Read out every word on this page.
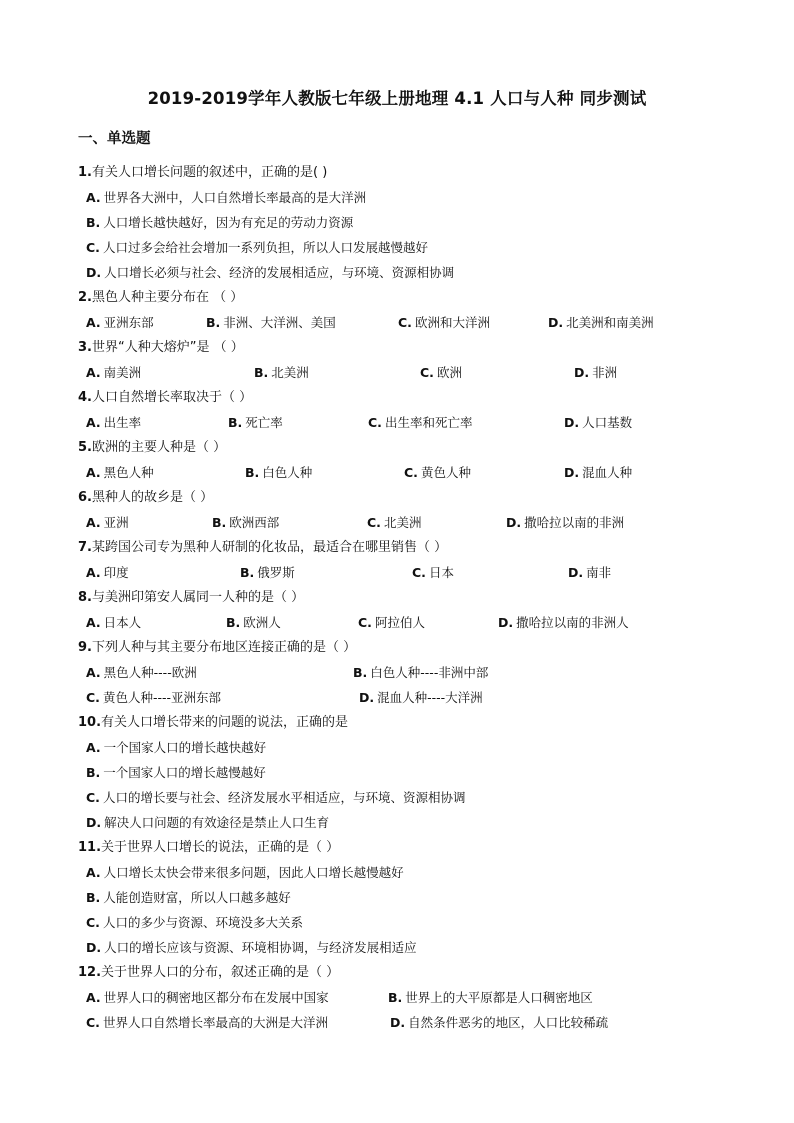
2019-2019学年人教版七年级上册地理 4.1 人口与人种 同步测试
一、单选题
1.有关人口增长问题的叙述中，正确的是( )
A. 世界各大洲中，人口自然增长率最高的是大洋洲
B. 人口增长越快越好，因为有充足的劳动力资源
C. 人口过多会给社会增加一系列负担，所以人口发展越慢越好
D. 人口增长必须与社会、经济的发展相适应，与环境、资源相协调
2.黑色人种主要分布在 （ ）
A. 亚洲东部	B. 非洲、大洋洲、美国	C. 欧洲和大洋洲	D. 北美洲和南美洲
3.世界“人种大熔炉”是 （ ）
A. 南美洲	B. 北美洲	C. 欧洲	D. 非洲
4.人口自然增长率取决于（ ）
A. 出生率	B. 死亡率	C. 出生率和死亡率	D. 人口基数
5.欧洲的主要人种是（ ）
A. 黑色人种	B. 白色人种	C. 黄色人种	D. 混血人种
6.黑种人的故乡是（ ）
A. 亚洲	B. 欧洲西部	C. 北美洲	D. 撒哈拉以南的非洲
7.某跨国公司专为黑种人研制的化妆品，最适合在哪里销售（ ）
A. 印度	B. 俄罗斯	C. 日本	D. 南非
8.与美洲印第安人属同一人种的是（ ）
A. 日本人	B. 欧洲人	C. 阿拉伯人	D. 撒哈拉以南的非洲人
9.下列人种与其主要分布地区连接正确的是（ ）
A. 黑色人种----欧洲	B. 白色人种----非洲中部
C. 黄色人种----亚洲东部	D. 混血人种----大洋洲
10.有关人口增长带来的问题的说法，正确的是
A. 一个国家人口的增长越快越好
B. 一个国家人口的增长越慢越好
C. 人口的增长要与社会、经济发展水平相适应，与环境、资源相协调
D. 解决人口问题的有效途径是禁止人口生育
11.关于世界人口增长的说法，正确的是（ ）
A. 人口增长太快会带来很多问题，因此人口增长越慢越好
B. 人能创造财富，所以人口越多越好
C. 人口的多少与资源、环境没多大关系
D. 人口的增长应该与资源、环境相协调，与经济发展相适应
12.关于世界人口的分布，叙述正确的是（ ）
A. 世界人口的稠密地区都分布在发展中国家	B. 世界上的大平原都是人口稠密地区
C. 世界人口自然增长率最高的大洲是大洋洲	D. 自然条件恶劣的地区，人口比较稀疏
